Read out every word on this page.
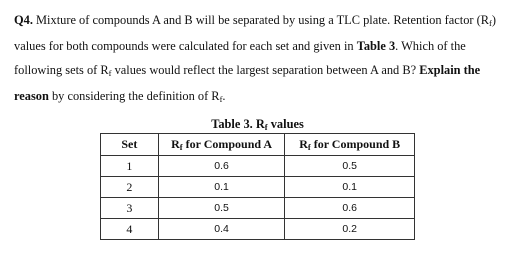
Q4. Mixture of compounds A and B will be separated by using a TLC plate. Retention factor $(R_f)$ values for both compounds were calculated for each set and given in Table 3. Which of the following sets of $R_f$ values would reflect the largest separation between A and B? Explain the reason by considering the definition of $R_f$.

Table 3. $R_f$ values
Set	$R_f$ for Compound A	$R_f$ for Compound B
1	0.6	0.5
2	0.1	0.1
3	0.5	0.6
4	0.4	0.2
